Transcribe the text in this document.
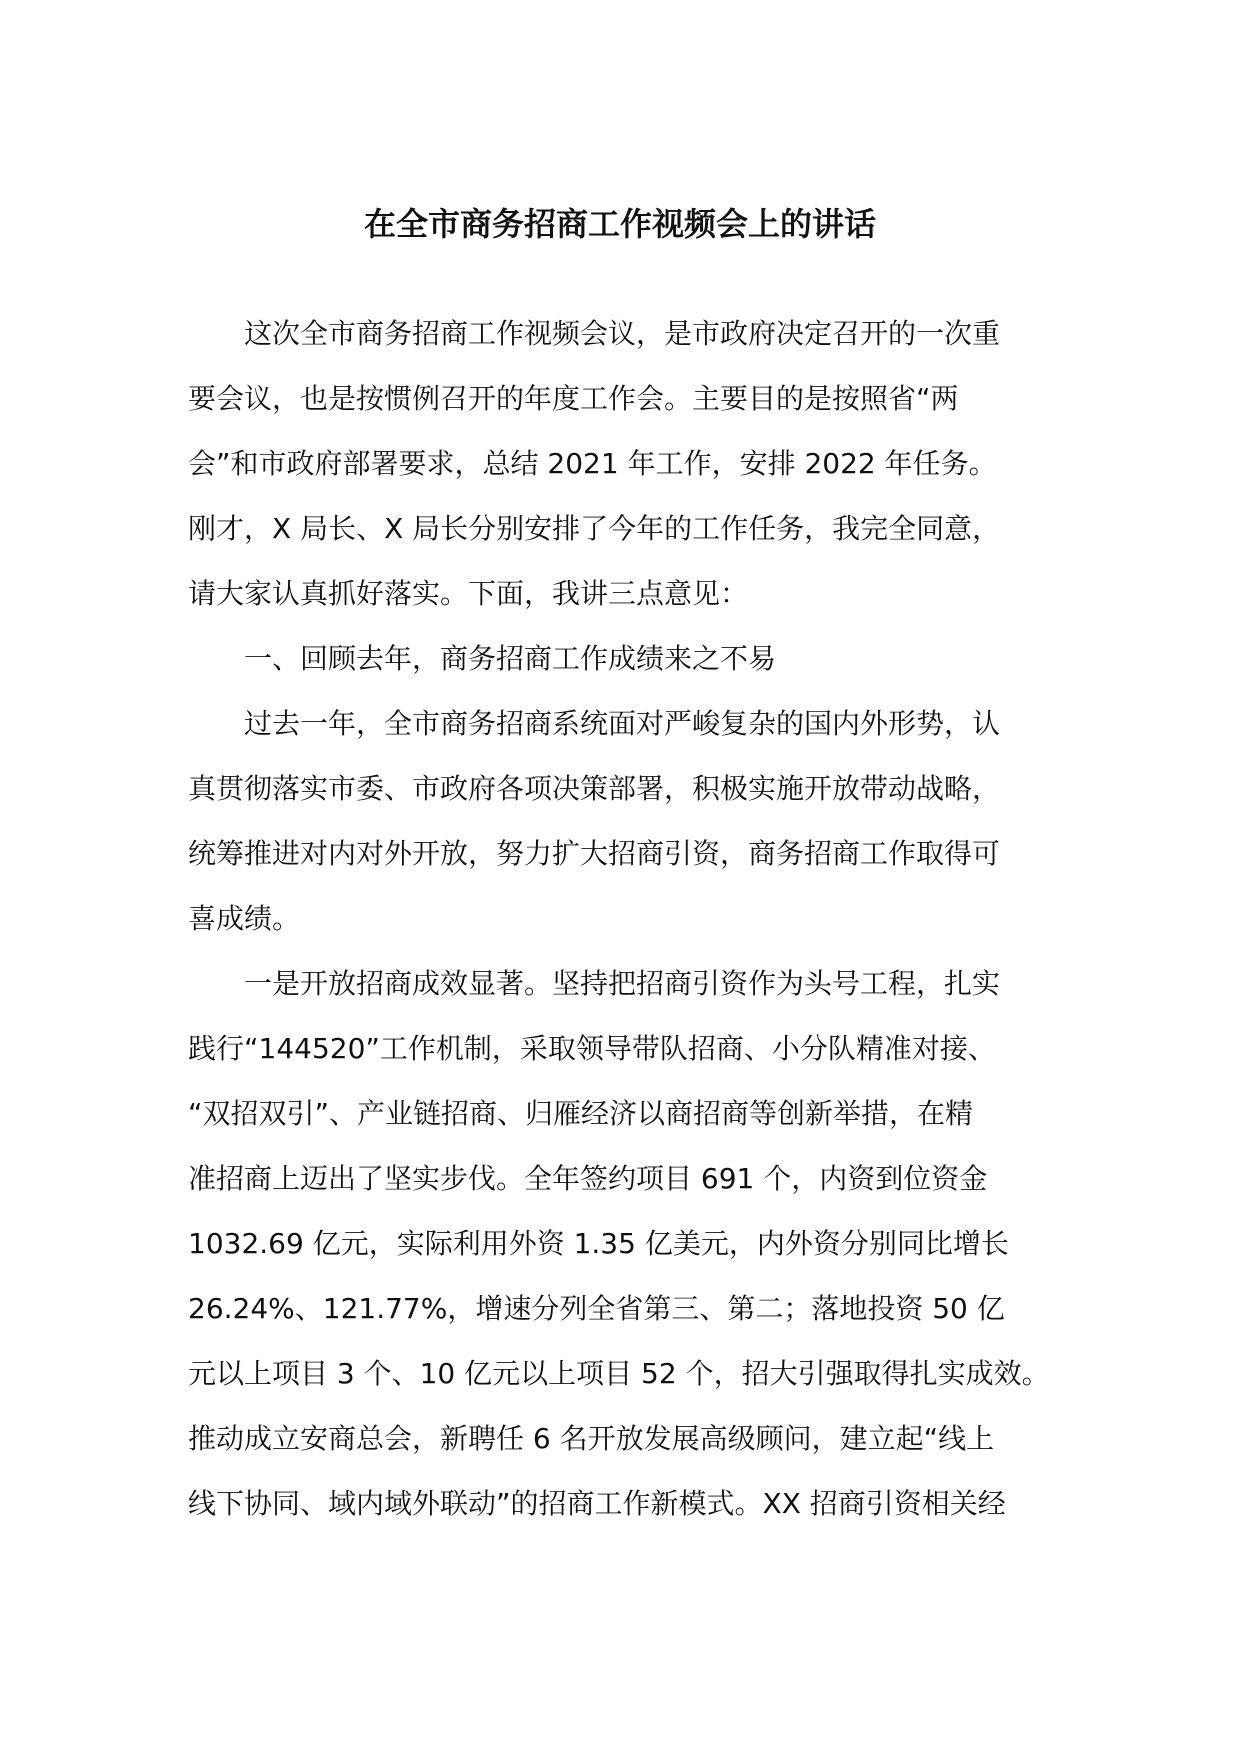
在全市商务招商工作视频会上的讲话
　　这次全市商务招商工作视频会议，是市政府决定召开的一次重
要会议，也是按惯例召开的年度工作会。主要目的是按照省“两
会”和市政府部署要求，总结 2021 年工作，安排 2022 年任务。
刚才，X 局长、X 局长分别安排了今年的工作任务，我完全同意，
请大家认真抓好落实。下面，我讲三点意见：
　　一、回顾去年，商务招商工作成绩来之不易
　　过去一年，全市商务招商系统面对严峻复杂的国内外形势，认
真贯彻落实市委、市政府各项决策部署，积极实施开放带动战略，
统筹推进对内对外开放，努力扩大招商引资，商务招商工作取得可
喜成绩。
　　一是开放招商成效显著。坚持把招商引资作为头号工程，扎实
践行“144520”工作机制，采取领导带队招商、小分队精准对接、
“双招双引”、产业链招商、归雁经济以商招商等创新举措，在精
准招商上迈出了坚实步伐。全年签约项目 691 个，内资到位资金
1032.69 亿元，实际利用外资 1.35 亿美元，内外资分别同比增长
26.24%、121.77%，增速分列全省第三、第二；落地投资 50 亿
元以上项目 3 个、10 亿元以上项目 52 个，招大引强取得扎实成效。
推动成立安商总会，新聘任 6 名开放发展高级顾问，建立起“线上
线下协同、域内域外联动”的招商工作新模式。XX 招商引资相关经
